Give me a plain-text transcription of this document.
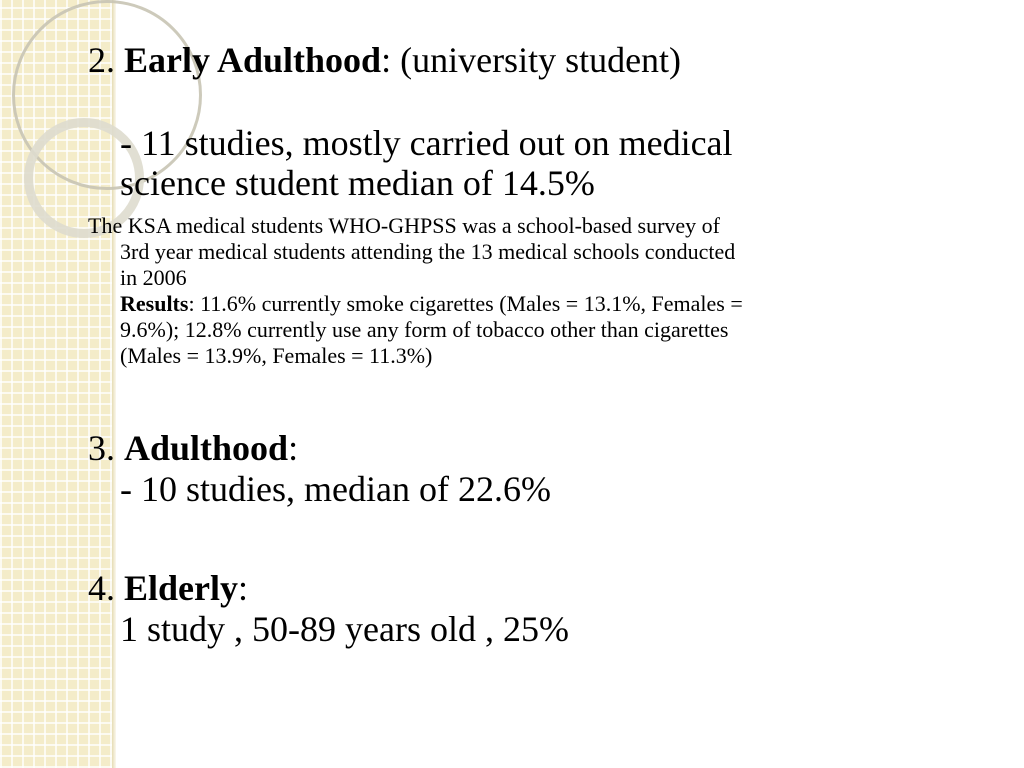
2. Early Adulthood: (university student)
- 11 studies, mostly carried out on medical
science student median of 14.5%
The KSA medical students WHO-GHPSS was a school-based survey of
3rd year medical students attending the 13 medical schools conducted
in 2006
Results: 11.6% currently smoke cigarettes (Males = 13.1%, Females =
9.6%); 12.8% currently use any form of tobacco other than cigarettes
(Males = 13.9%, Females = 11.3%)
3. Adulthood:
- 10 studies, median of 22.6%
4. Elderly:
1 study , 50-89 years old , 25%
